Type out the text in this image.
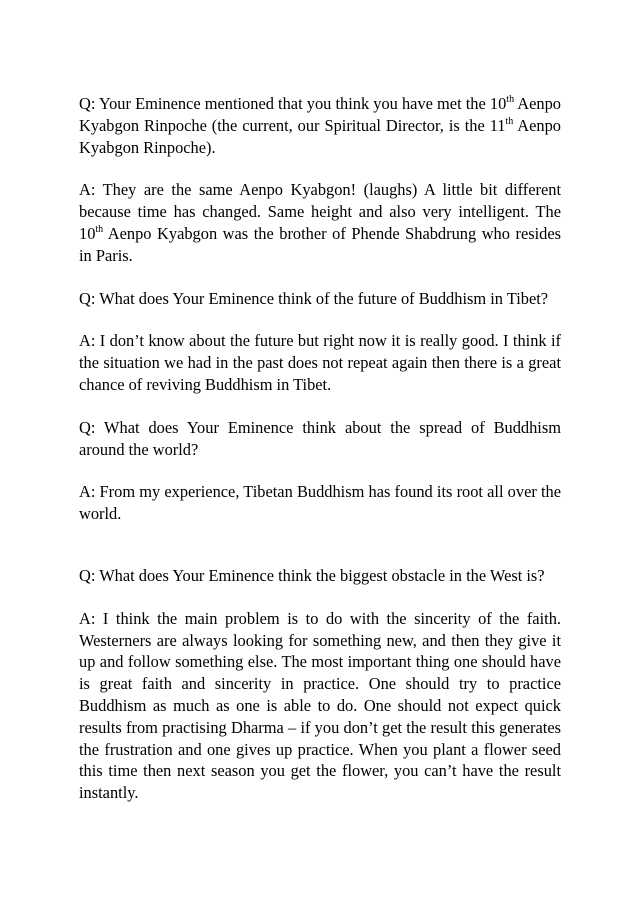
Q: Your Eminence mentioned that you think you have met the 10th Aenpo Kyabgon Rinpoche (the current, our Spiritual Director, is the 11th Aenpo Kyabgon Rinpoche).

A: They are the same Aenpo Kyabgon! (laughs) A little bit different because time has changed. Same height and also very intelligent. The 10th Aenpo Kyabgon was the brother of Phende Shabdrung who resides in Paris.

Q: What does Your Eminence think of the future of Buddhism in Tibet?

A: I don’t know about the future but right now it is really good. I think if the situation we had in the past does not repeat again then there is a great chance of reviving Buddhism in Tibet.

Q: What does Your Eminence think about the spread of Buddhism around the world?

A: From my experience, Tibetan Buddhism has found its root all over the world.

Q: What does Your Eminence think the biggest obstacle in the West is?

A: I think the main problem is to do with the sincerity of the faith. Westerners are always looking for something new, and then they give it up and follow something else. The most important thing one should have is great faith and sincerity in practice. One should try to practice Buddhism as much as one is able to do. One should not expect quick results from practising Dharma – if you don’t get the result this generates the frustration and one gives up practice. When you plant a flower seed this time then next season you get the flower, you can’t have the result instantly.
